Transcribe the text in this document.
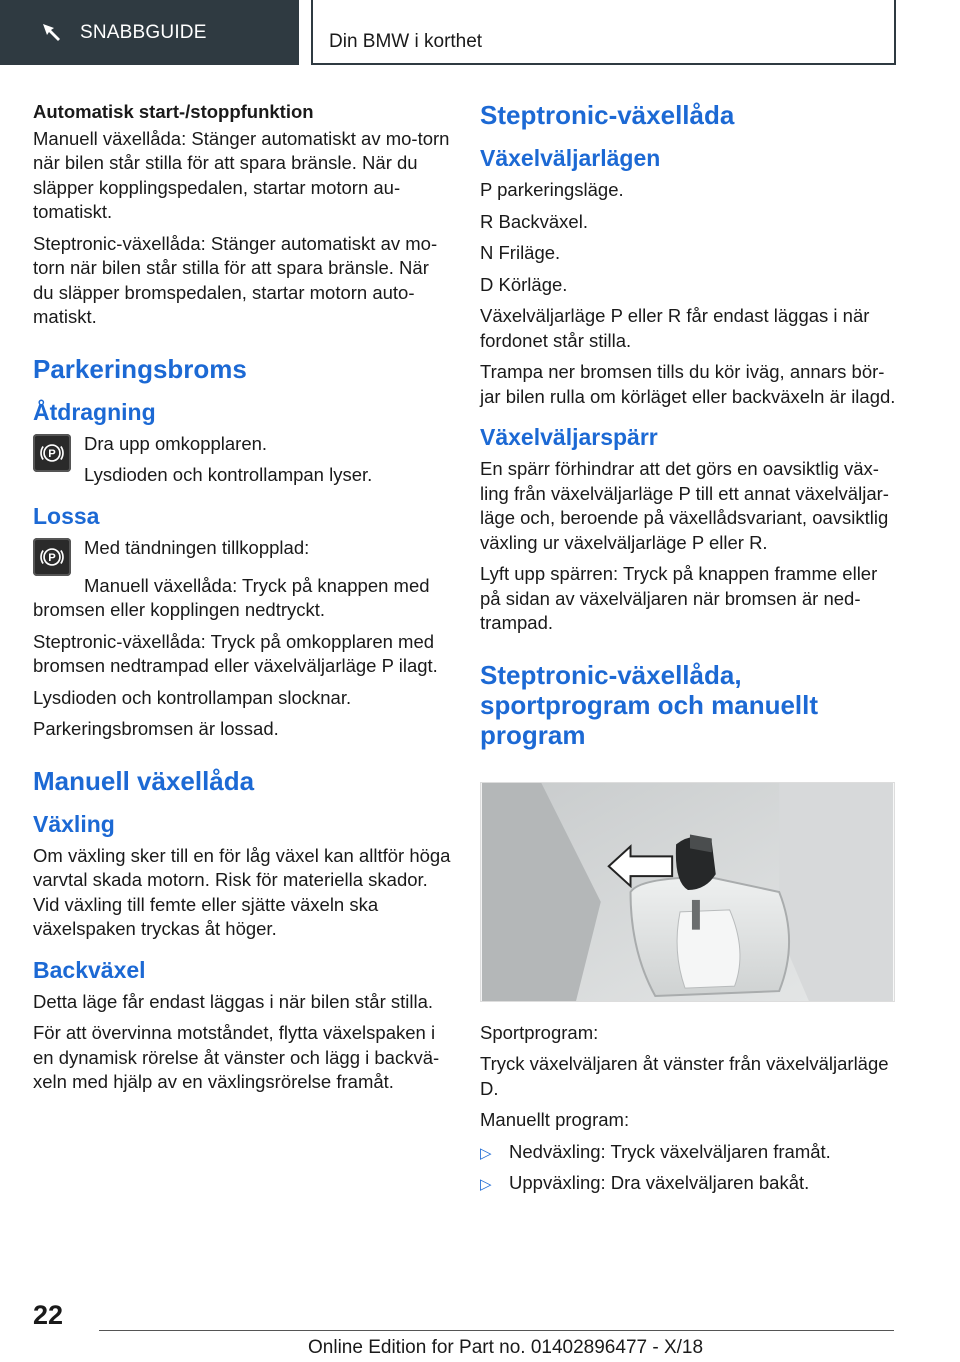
SNABBGUIDE	Din BMW i korthet
Automatisk start-/stoppfunktion
Manuell växellåda: Stänger automatiskt av mo-torn när bilen står stilla för att spara bränsle. När du släpper kopplingspedalen, startar motorn au-tomatiskt.
Steptronic-växellåda: Stänger automatiskt av mo-torn när bilen står stilla för att spara bränsle. När du släpper bromspedalen, startar motorn auto-matiskt.
Parkeringsbroms
Åtdragning
P
Dra upp omkopplaren.
Lysdioden och kontrollampan lyser.
Lossa
P
Med tändningen tillkopplad:
Manuell växellåda: Tryck på knappen med bromsen eller kopplingen nedtryckt.
Steptronic-växellåda: Tryck på omkopplaren med bromsen nedtrampad eller växelväljarläge P ilagt.
Lysdioden och kontrollampan slocknar.
Parkeringsbromsen är lossad.
Manuell växellåda
Växling
Om växling sker till en för låg växel kan alltför höga varvtal skada motorn. Risk för materiella skador. Vid växling till femte eller sjätte växeln ska växelspaken tryckas åt höger.
Backväxel
Detta läge får endast läggas i när bilen står stilla.
För att övervinna motståndet, flytta växelspaken i en dynamisk rörelse åt vänster och lägg i backvä-xeln med hjälp av en växlingsrörelse framåt.
Steptronic-växellåda
Växelväljarlägen
P parkeringsläge.
R Backväxel.
N Friläge.
D Körläge.
Växelväljarläge P eller R får endast läggas i när fordonet står stilla.
Trampa ner bromsen tills du kör iväg, annars bör-jar bilen rulla om körläget eller backväxeln är ilagd.
Växelväljarspärr
En spärr förhindrar att det görs en oavsiktlig väx-ling från växelväljarläge P till ett annat växelväljar-läge och, beroende på växellådsvariant, oavsiktlig växling ur växelväljarläge P eller R.
Lyft upp spärren: Tryck på knappen framme eller på sidan av växelväljaren när bromsen är ned-trampad.
Steptronic-växellåda, sportprogram och manuellt program
Sportprogram:
Tryck växelväljaren åt vänster från växelväljarläge D.
Manuellt program:
▷ Nedväxling: Tryck växelväljaren framåt.
▷ Uppväxling: Dra växelväljaren bakåt.
22
Online Edition for Part no. 01402896477 - X/18
